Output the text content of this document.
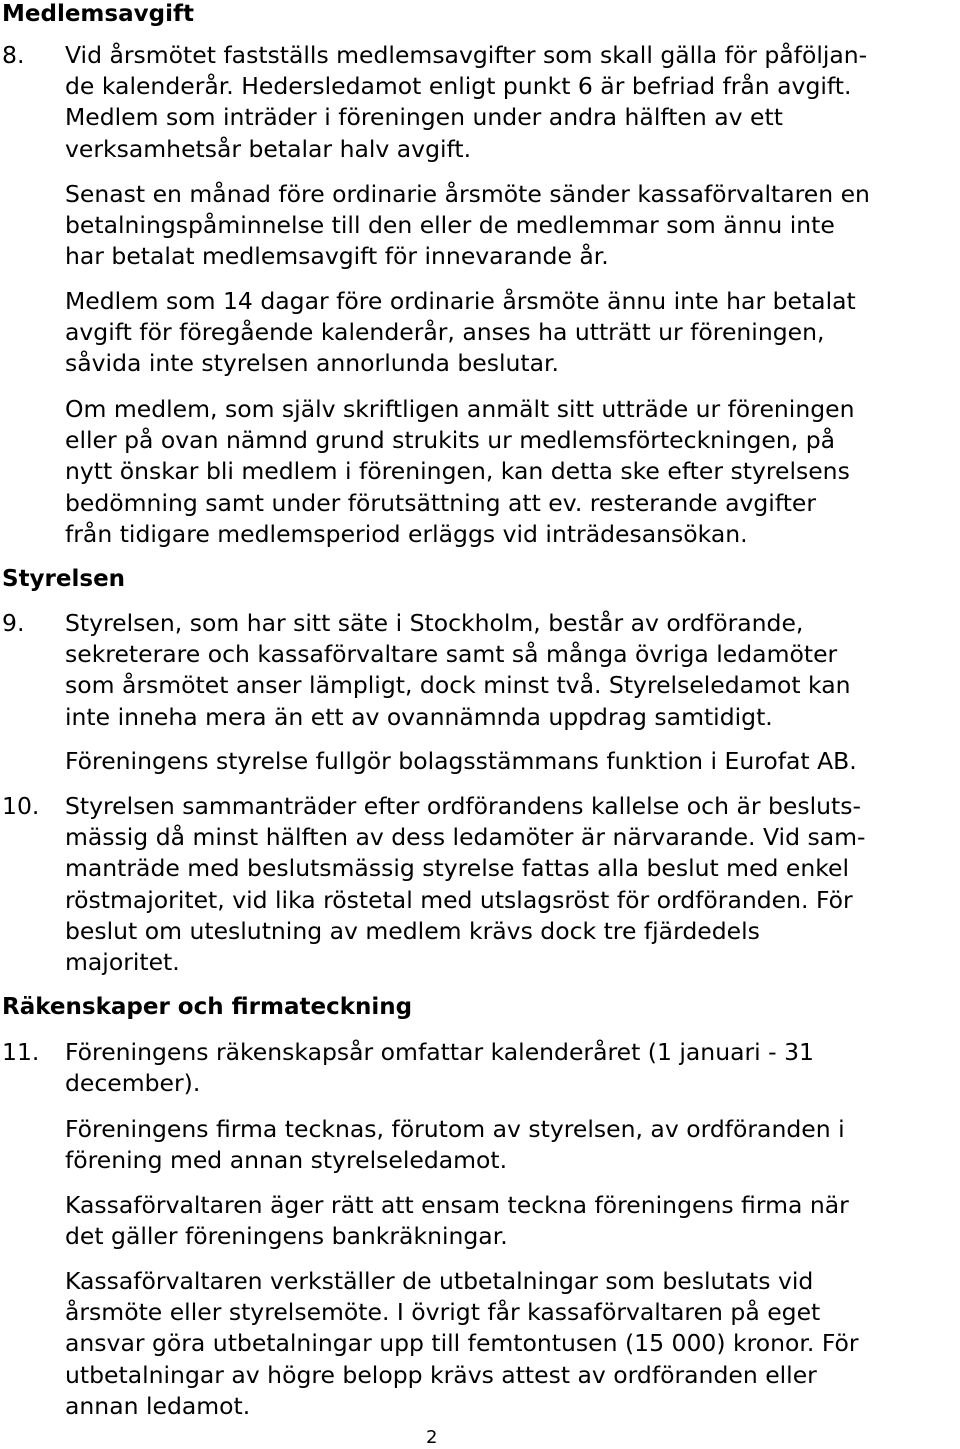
Medlemsavgift
8. Vid årsmötet fastställs medlemsavgifter som skall gälla för påföljan-
de kalenderår. Hedersledamot enligt punkt 6 är befriad från avgift.
Medlem som inträder i föreningen under andra hälften av ett
verksamhetsår betalar halv avgift.

Senast en månad före ordinarie årsmöte sänder kassaförvaltaren en
betalningspåminnelse till den eller de medlemmar som ännu inte
har betalat medlemsavgift för innevarande år.

Medlem som 14 dagar före ordinarie årsmöte ännu inte har betalat
avgift för föregående kalenderår, anses ha utträtt ur föreningen,
såvida inte styrelsen annorlunda beslutar.

Om medlem, som själv skriftligen anmält sitt utträde ur föreningen
eller på ovan nämnd grund strukits ur medlemsförteckningen, på
nytt önskar bli medlem i föreningen, kan detta ske efter styrelsens
bedömning samt under förutsättning att ev. resterande avgifter
från tidigare medlemsperiod erläggs vid inträdesansökan.

Styrelsen
9. Styrelsen, som har sitt säte i Stockholm, består av ordförande,
sekreterare och kassaförvaltare samt så många övriga ledamöter
som årsmötet anser lämpligt, dock minst två. Styrelseledamot kan
inte inneha mera än ett av ovannämnda uppdrag samtidigt.

Föreningens styrelse fullgör bolagsstämmans funktion i Eurofat AB.

10. Styrelsen sammanträder efter ordförandens kallelse och är besluts-
mässig då minst hälften av dess ledamöter är närvarande. Vid sam-
manträde med beslutsmässig styrelse fattas alla beslut med enkel
röstmajoritet, vid lika röstetal med utslagsröst för ordföranden. För
beslut om uteslutning av medlem krävs dock tre fjärdedels
majoritet.

Räkenskaper och firmateckning
11. Föreningens räkenskapsår omfattar kalenderåret (1 januari - 31
december).

Föreningens firma tecknas, förutom av styrelsen, av ordföranden i
förening med annan styrelseledamot.

Kassaförvaltaren äger rätt att ensam teckna föreningens firma när
det gäller föreningens bankräkningar.

Kassaförvaltaren verkställer de utbetalningar som beslutats vid
årsmöte eller styrelsemöte. I övrigt får kassaförvaltaren på eget
ansvar göra utbetalningar upp till femtontusen (15 000) kronor. För
utbetalningar av högre belopp krävs attest av ordföranden eller
annan ledamot.

2
